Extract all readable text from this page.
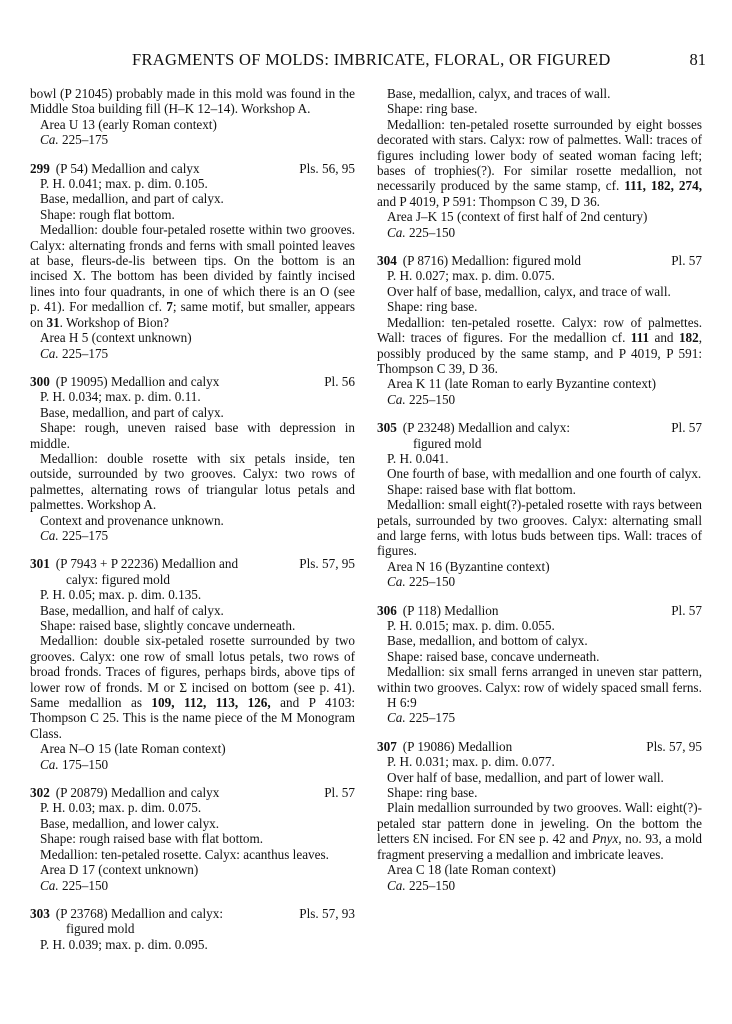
FRAGMENTS OF MOLDS: IMBRICATE, FLORAL, OR FIGURED	81

bowl (P 21045) probably made in this mold was found in the Middle Stoa building fill (H–K 12–14). Workshop A.

Area U 13 (early Roman context)

Ca. 225–175

299 (P 54) Medallion and calyx	Pls. 56, 95

P. H. 0.041; max. p. dim. 0.105.

Base, medallion, and part of calyx.

Shape: rough flat bottom.

Medallion: double four-petaled rosette within two grooves. Calyx: alternating fronds and ferns with small pointed leaves at base, fleurs-de-lis between tips. On the bottom is an incised X. The bottom has been divided by faintly incised lines into four quadrants, in one of which there is an O (see p. 41). For medallion cf. 7; same motif, but smaller, appears on 31. Workshop of Bion?

Area H 5 (context unknown)

Ca. 225–175

300 (P 19095) Medallion and calyx	Pl. 56

P. H. 0.034; max. p. dim. 0.11.

Base, medallion, and part of calyx.

Shape: rough, uneven raised base with depression in middle.

Medallion: double rosette with six petals inside, ten outside, surrounded by two grooves. Calyx: two rows of palmettes, alternating rows of triangular lotus petals and palmettes. Workshop A.

Context and provenance unknown.

Ca. 225–175

301 (P 7943 + P 22236) Medallion and	Pls. 57, 95

calyx: figured mold

P. H. 0.05; max. p. dim. 0.135.

Base, medallion, and half of calyx.

Shape: raised base, slightly concave underneath.

Medallion: double six-petaled rosette surrounded by two grooves. Calyx: one row of small lotus petals, two rows of broad fronds. Traces of figures, perhaps birds, above tips of lower row of fronds. M or Σ incised on bottom (see p. 41). Same medallion as 109, 112, 113, 126, and P 4103: Thompson C 25. This is the name piece of the M Monogram Class.

Area N–O 15 (late Roman context)

Ca. 175–150

302 (P 20879) Medallion and calyx	Pl. 57

P. H. 0.03; max. p. dim. 0.075.

Base, medallion, and lower calyx.

Shape: rough raised base with flat bottom.

Medallion: ten-petaled rosette. Calyx: acanthus leaves.

Area D 17 (context unknown)

Ca. 225–150

303 (P 23768) Medallion and calyx:	Pls. 57, 93

figured mold

P. H. 0.039; max. p. dim. 0.095.

Base, medallion, calyx, and traces of wall.

Shape: ring base.

Medallion: ten-petaled rosette surrounded by eight bosses decorated with stars. Calyx: row of palmettes. Wall: traces of figures including lower body of seated woman facing left; bases of trophies(?). For similar rosette medallion, not necessarily produced by the same stamp, cf. 111, 182, 274, and P 4019, P 591: Thompson C 39, D 36.

Area J–K 15 (context of first half of 2nd century)

Ca. 225–150

304 (P 8716) Medallion: figured mold	Pl. 57

P. H. 0.027; max. p. dim. 0.075.

Over half of base, medallion, calyx, and trace of wall.

Shape: ring base.

Medallion: ten-petaled rosette. Calyx: row of palmettes. Wall: traces of figures. For the medallion cf. 111 and 182, possibly produced by the same stamp, and P 4019, P 591: Thompson C 39, D 36.

Area K 11 (late Roman to early Byzantine context)

Ca. 225–150

305 (P 23248) Medallion and calyx:	Pl. 57

figured mold

P. H. 0.041.

One fourth of base, with medallion and one fourth of calyx.

Shape: raised base with flat bottom.

Medallion: small eight(?)-petaled rosette with rays between petals, surrounded by two grooves. Calyx: alternating small and large ferns, with lotus buds between tips. Wall: traces of figures.

Area N 16 (Byzantine context)

Ca. 225–150

306 (P 118) Medallion	Pl. 57

P. H. 0.015; max. p. dim. 0.055.

Base, medallion, and bottom of calyx.

Shape: raised base, concave underneath.

Medallion: six small ferns arranged in uneven star pattern, within two grooves. Calyx: row of widely spaced small ferns.

H 6:9

Ca. 225–175

307 (P 19086) Medallion	Pls. 57, 95

P. H. 0.031; max. p. dim. 0.077.

Over half of base, medallion, and part of lower wall.

Shape: ring base.

Plain medallion surrounded by two grooves. Wall: eight(?)-petaled star pattern done in jeweling. On the bottom the letters ƐN incised. For ƐN see p. 42 and Pnyx, no. 93, a mold fragment preserving a medallion and imbricate leaves.

Area C 18 (late Roman context)

Ca. 225–150
